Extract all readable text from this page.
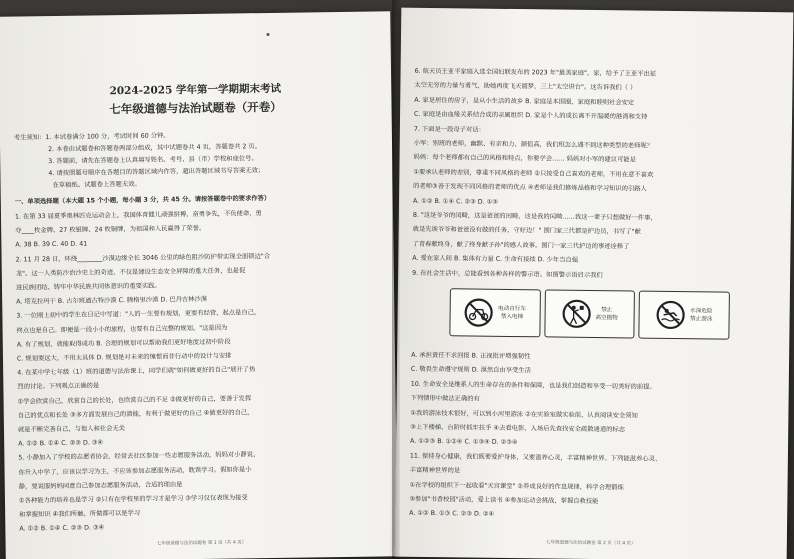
2024-2025 学年第一学期期末考试
七年级道德与法治试题卷（开卷）
考生须知：1. 本试卷满分 100 分，考试时间 60 分钟。
2. 本卷由试题卷和答题卷两部分组成，其中试题卷共 4 页，答题卷共 2 页。
3. 答题前，请先在答题卷上认真填写姓名、考号、县（市）学校和座位号。
4. 请按照题号顺序在各题目的答题区域内作答，超出答题区域书写答案无效；
在草稿纸、试题卷上答题无效。
一、单项选择题（本大题 15 个小题，每小题 3 分，共 45 分。请按答题卷中的要求作答）
1. 在第 33 届夏季奥林匹克运动会上，我国体育健儿顽强拼搏，奋勇争先，不负使命，勇
夺____枚金牌、27 枚银牌、24 枚铜牌，为祖国和人民赢得了荣誉。
A. 38 B. 39 C. 40 D. 41
2. 11 月 28 日，环绕________沙漠边缘全长 3046 公里的绿色阻沙防护带实现全面锁边"合
龙"。这一人类防沙治沙史上的奇迹，不仅是建设生态安全屏障的重大任务，也是促
进民族团结、铸牢中华民族共同体意识的重要实践。
A. 塔克拉玛干 B. 古尔班通古特沙漠 C. 腾格里沙漠 D. 巴丹吉林沙漠
3. 一位刚上初中的学生在日记中写道："人的一生要有规划，更要有经营，起点是自己，
终点也是自己。即便是一段小小的旅程，也要有自己完整的规划。"这是因为
A. 有了规划，就能取得成功 B. 合理的规划可以帮助我们更好地度过初中阶段
C. 规划要远大，不用太具体 D. 规划是对未来的憧憬而非行动中的设计与安排
4. 在某中学七年级（1）班的道德与法治课上，同学们就"如何做更好的自己"展开了热
烈的讨论。下列观点正确的是
①学会欣赏自己，欣赏自己的长处，也欣赏自己的不足 ②做更好的自己，要善于发挥
自己的优点和长处 ③多方面发展自己的潜能，有利于做更好的自己 ④做更好的自己，
就是不断完善自己，与他人和社会无关
A. ①② B. ①④ C. ②③ D. ③④
5. 小静加入了学校的志愿者协会，经常去社区参加一些志愿服务活动，妈妈对小静说，
你升入中学了，应该以学习为主，不应该参加志愿服务活动，耽误学习。假如你是小
静，要说服妈妈同意自己参加志愿服务活动，合适的理由是
①各种能力的培养也是学习 ②只有在学校里的学习才是学习 ③学习仅仅表现为接受
和掌握知识 ④我们所触、所做都可以是学习
A. ①② B. ①④ C. ②③ D. ③④
七年级道德与法治试题卷 第 1 页（共 4 页）
6. 航天员王亚平家庭入选全国妇联发布的 2023 年"最美家庭"，家，给予了王亚平出征
太空无穷的力量与勇气，助她再度飞天圆梦，三上"太空讲台"。这告诉我们（ ）
A. 家是居住的房子，是从小生活的故乡 B. 家庭是本围圈，家庭和睦则社会安定
C. 家庭是由血缘关系结合成的亲属组织 D. 家是个人的成长离不开温暖的港湾和支持
7. 下面是一段母子对话：
小军：别班的老师，幽默、有亲和力、颜值高，我们班怎么遇不到这种类型的老师呢？
妈妈：每个老师都有自己的风格和特点，你要学会…… 妈妈对小军的建议可能是
①要承认老师的差别，尊重不同风格的老师 ②只接受自己喜欢的老师，不用在意不喜欢
的老师③善于发现不同风格的老师的优点 ④老师是我们修炼品格和学习知识的引路人
A. ①② B. ①④ C. ②③ D. ①③
8. "这是爷爷的闰畸，这是爸爸的闰畸，这是我的闰畸……我这一辈子只想做好一件事，
就是先诶爷爷和爸爸没有做的任务，守好边！" 图门家三代都是护边员，书写了"献
了青春献终身，献了终身献子孙"的感人故事。图门一家三代护边的事迹诠释了
A. 爱在家人间 B. 集体有力量 C. 生命有接续 D. 少年当自强
9. 在社会生活中，总能看到各种各样的警示语。如图警示语启示我们
A. 承担责任不求回报 B. 正视批评增强韧性
C. 敬畏生命遵守规则 D. 漠然自由享受生活
10. 生命安全是维系人的生命存在的条件和保障，也是我们创造和享受一切美好的前提。
下列情形中做法正确的有
①我的游泳技术很好，可以到小河里游泳 ②在实验室做实验前，认真阅读安全须知
③上下楼梯、台阶时抓牢扶手 ④去看电影，入场后先查找安全疏散通道的标志
A. ①②③ B. ①②④ C. ①③④ D. ②③④
11. 保持身心健康，我们既要爱护身体，又要滋养心灵，丰富精神世界。下列能滋养心灵、
丰富精神世界的是
①在学校的组织下一起收看"天宫课堂" ②养成良好的作息规律，科学合理锻炼
③参加"书香校园"活动，爱上读书 ④参加运动会挑战，掌握自救技能
A. ①② B. ①③ C. ②③ D. ②④
电动自行车
禁入电梯
禁止
高空抛物
水深危险
禁止游泳
七年级道德与法治试题卷 第 2 页（共 4 页）
